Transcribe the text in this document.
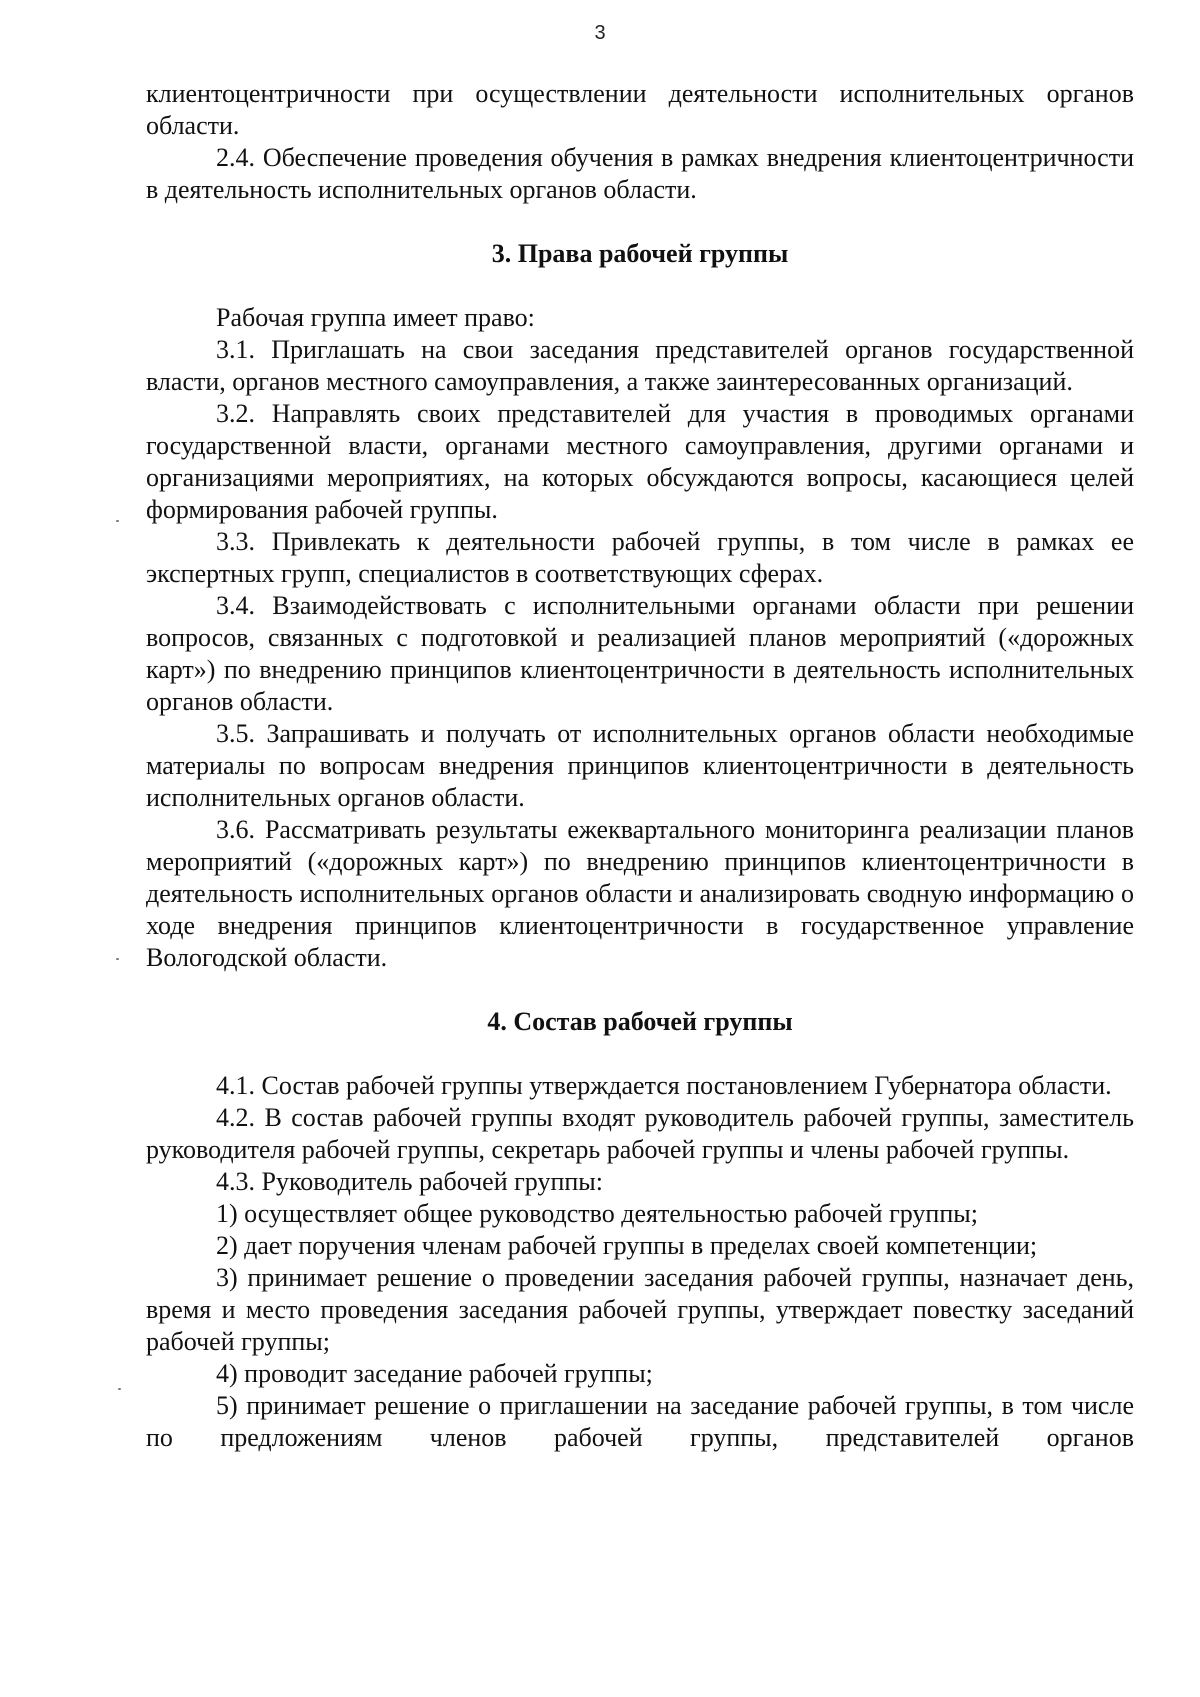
3

клиентоцентричности при осуществлении деятельности исполнительных органов области.

2.4. Обеспечение проведения обучения в рамках внедрения клиентоцентричности в деятельность исполнительных органов области.

3. Права рабочей группы

Рабочая группа имеет право:

3.1. Приглашать на свои заседания представителей органов государственной власти, органов местного самоуправления, а также заинтересованных организаций.

3.2. Направлять своих представителей для участия в проводимых органами государственной власти, органами местного самоуправления, другими органами и организациями мероприятиях, на которых обсуждаются вопросы, касающиеся целей формирования рабочей группы.

3.3. Привлекать к деятельности рабочей группы, в том числе в рамках ее экспертных групп, специалистов в соответствующих сферах.

3.4. Взаимодействовать с исполнительными органами области при решении вопросов, связанных с подготовкой и реализацией планов мероприятий («дорожных карт») по внедрению принципов клиентоцентричности в деятельность исполнительных органов области.

3.5. Запрашивать и получать от исполнительных органов области необходимые материалы по вопросам внедрения принципов клиентоцентричности в деятельность исполнительных органов области.

3.6. Рассматривать результаты ежеквартального мониторинга реализации планов мероприятий («дорожных карт») по внедрению принципов клиентоцентричности в деятельность исполнительных органов области и анализировать сводную информацию о ходе внедрения принципов клиентоцентричности в государственное управление Вологодской области.

4. Состав рабочей группы

4.1. Состав рабочей группы утверждается постановлением Губернатора области.

4.2. В состав рабочей группы входят руководитель рабочей группы, заместитель руководителя рабочей группы, секретарь рабочей группы и члены рабочей группы.

4.3. Руководитель рабочей группы:

1) осуществляет общее руководство деятельностью рабочей группы;

2) дает поручения членам рабочей группы в пределах своей компетенции;

3) принимает решение о проведении заседания рабочей группы, назначает день, время и место проведения заседания рабочей группы, утверждает повестку заседаний рабочей группы;

4) проводит заседание рабочей группы;

5) принимает решение о приглашении на заседание рабочей группы, в том числе по предложениям членов рабочей группы, представителей органов
